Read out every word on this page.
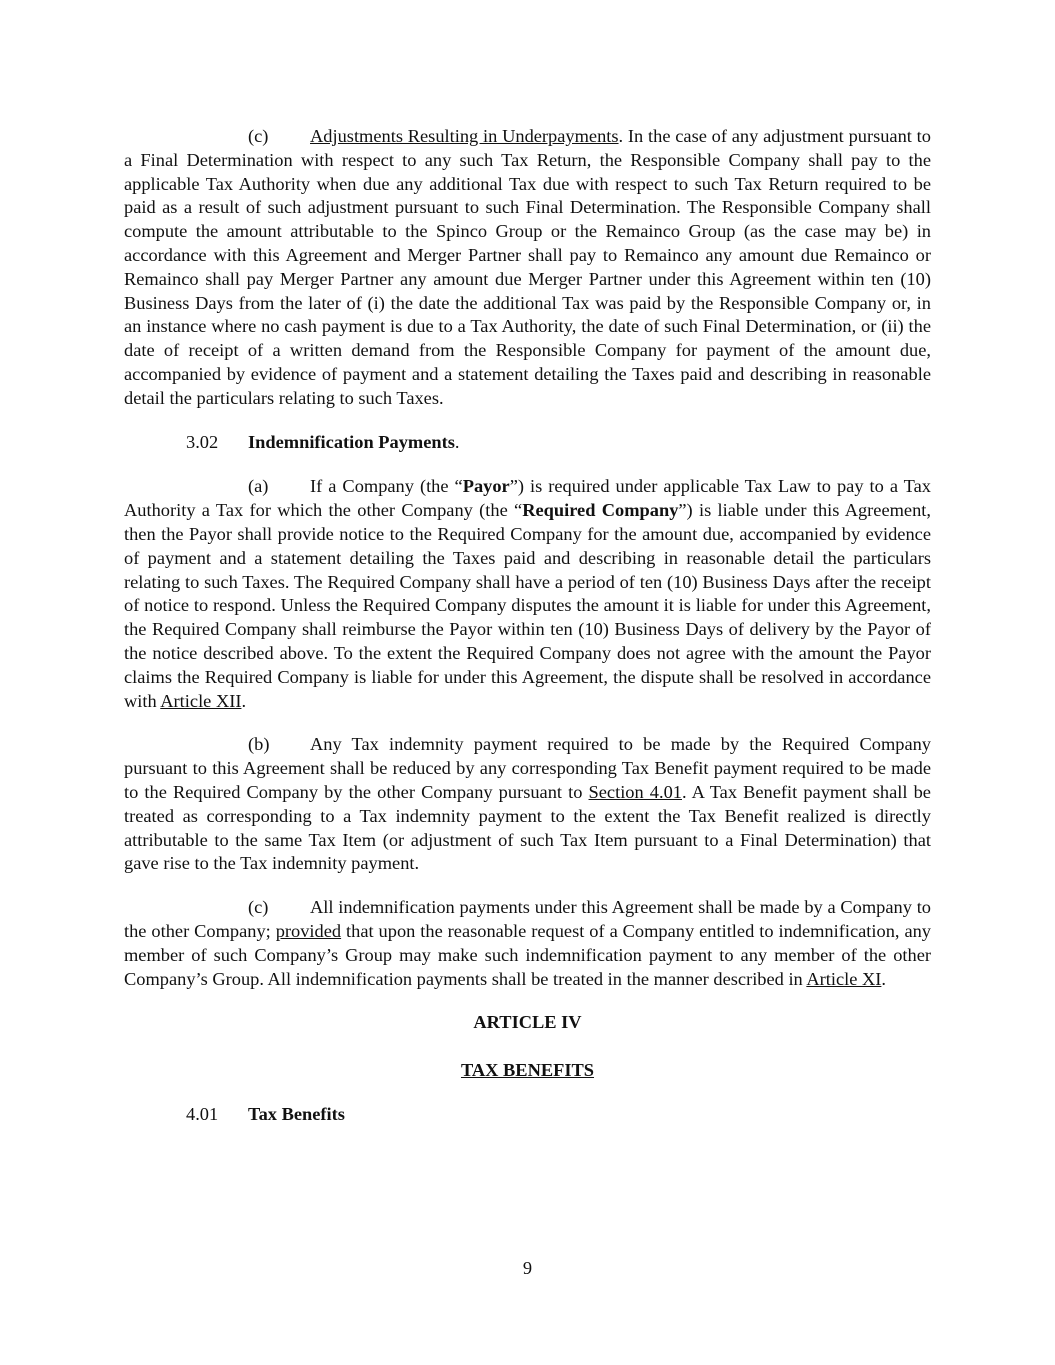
(c) Adjustments Resulting in Underpayments. In the case of any adjustment pursuant to a Final Determination with respect to any such Tax Return, the Responsible Company shall pay to the applicable Tax Authority when due any additional Tax due with respect to such Tax Return required to be paid as a result of such adjustment pursuant to such Final Determination. The Responsible Company shall compute the amount attributable to the Spinco Group or the Remainco Group (as the case may be) in accordance with this Agreement and Merger Partner shall pay to Remainco any amount due Remainco or Remainco shall pay Merger Partner any amount due Merger Partner under this Agreement within ten (10) Business Days from the later of (i) the date the additional Tax was paid by the Responsible Company or, in an instance where no cash payment is due to a Tax Authority, the date of such Final Determination, or (ii) the date of receipt of a written demand from the Responsible Company for payment of the amount due, accompanied by evidence of payment and a statement detailing the Taxes paid and describing in reasonable detail the particulars relating to such Taxes.

3.02 Indemnification Payments.

(a) If a Company (the “Payor”) is required under applicable Tax Law to pay to a Tax Authority a Tax for which the other Company (the “Required Company”) is liable under this Agreement, then the Payor shall provide notice to the Required Company for the amount due, accompanied by evidence of payment and a statement detailing the Taxes paid and describing in reasonable detail the particulars relating to such Taxes. The Required Company shall have a period of ten (10) Business Days after the receipt of notice to respond. Unless the Required Company disputes the amount it is liable for under this Agreement, the Required Company shall reimburse the Payor within ten (10) Business Days of delivery by the Payor of the notice described above. To the extent the Required Company does not agree with the amount the Payor claims the Required Company is liable for under this Agreement, the dispute shall be resolved in accordance with Article XII.

(b) Any Tax indemnity payment required to be made by the Required Company pursuant to this Agreement shall be reduced by any corresponding Tax Benefit payment required to be made to the Required Company by the other Company pursuant to Section 4.01. A Tax Benefit payment shall be treated as corresponding to a Tax indemnity payment to the extent the Tax Benefit realized is directly attributable to the same Tax Item (or adjustment of such Tax Item pursuant to a Final Determination) that gave rise to the Tax indemnity payment.

(c) All indemnification payments under this Agreement shall be made by a Company to the other Company; provided that upon the reasonable request of a Company entitled to indemnification, any member of such Company’s Group may make such indemnification payment to any member of the other Company’s Group. All indemnification payments shall be treated in the manner described in Article XI.

ARTICLE IV

TAX BENEFITS

4.01 Tax Benefits

9
